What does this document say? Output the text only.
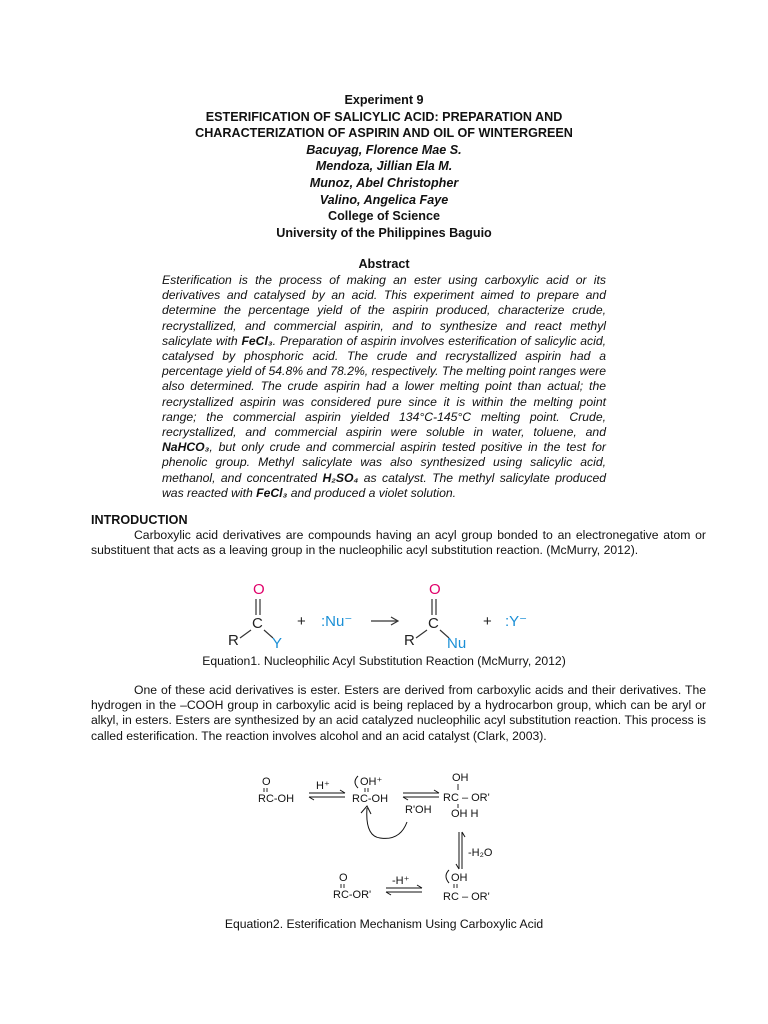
Experiment 9
ESTERIFICATION OF SALICYLIC ACID: PREPARATION AND
CHARACTERIZATION OF ASPIRIN AND OIL OF WINTERGREEN
Bacuyag, Florence Mae S.
Mendoza, Jillian Ela M.
Munoz, Abel Christopher
Valino, Angelica Faye
College of Science
University of the Philippines Baguio
Abstract

Esterification is the process of making an ester using carboxylic acid or its derivatives and catalysed by an acid. This experiment aimed to prepare and determine the percentage yield of the aspirin produced, characterize crude, recrystallized, and commercial aspirin, and to synthesize and react methyl salicylate with FeCl₃. Preparation of aspirin involves esterification of salicylic acid, catalysed by phosphoric acid. The crude and recrystallized aspirin had a percentage yield of 54.8% and 78.2%, respectively. The melting point ranges were also determined. The crude aspirin had a lower melting point than actual; the recrystallized aspirin was considered pure since it is within the melting point range; the commercial aspirin yielded 134°C-145°C melting point. Crude, recrystallized, and commercial aspirin were soluble in water, toluene, and NaHCO₃, but only crude and commercial aspirin tested positive in the test for phenolic group. Methyl salicylate was also synthesized using salicylic acid, methanol, and concentrated H₂SO₄ as catalyst. The methyl salicylate produced was reacted with FeCl₃ and produced a violet solution.

INTRODUCTION

Carboxylic acid derivatives are compounds having an acyl group bonded to an electronegative atom or substituent that acts as a leaving group in the nucleophilic acyl substitution reaction. (McMurry, 2012).

O
C
R Y
+ :Nu⁻
O
C
R Nu
+ :Y⁻
Equation1. Nucleophilic Acyl Substitution Reaction (McMurry, 2012)

One of these acid derivatives is ester. Esters are derived from carboxylic acids and their derivatives. The hydrogen in the –COOH group in carboxylic acid is being replaced by a hydrocarbon group, which can be aryl or alkyl, in esters. Esters are synthesized by an acid catalyzed nucleophilic acyl substitution reaction. This process is called esterification. The reaction involves alcohol and an acid catalyst (Clark, 2003).

O
RC-OH
H⁺	OH⁺
RC-OH
R'OH
OH
RC – OR'
OH H
-H₂O
O
RC-OR'
-H⁺	OH
RC – OR'
Equation2. Esterification Mechanism Using Carboxylic Acid
